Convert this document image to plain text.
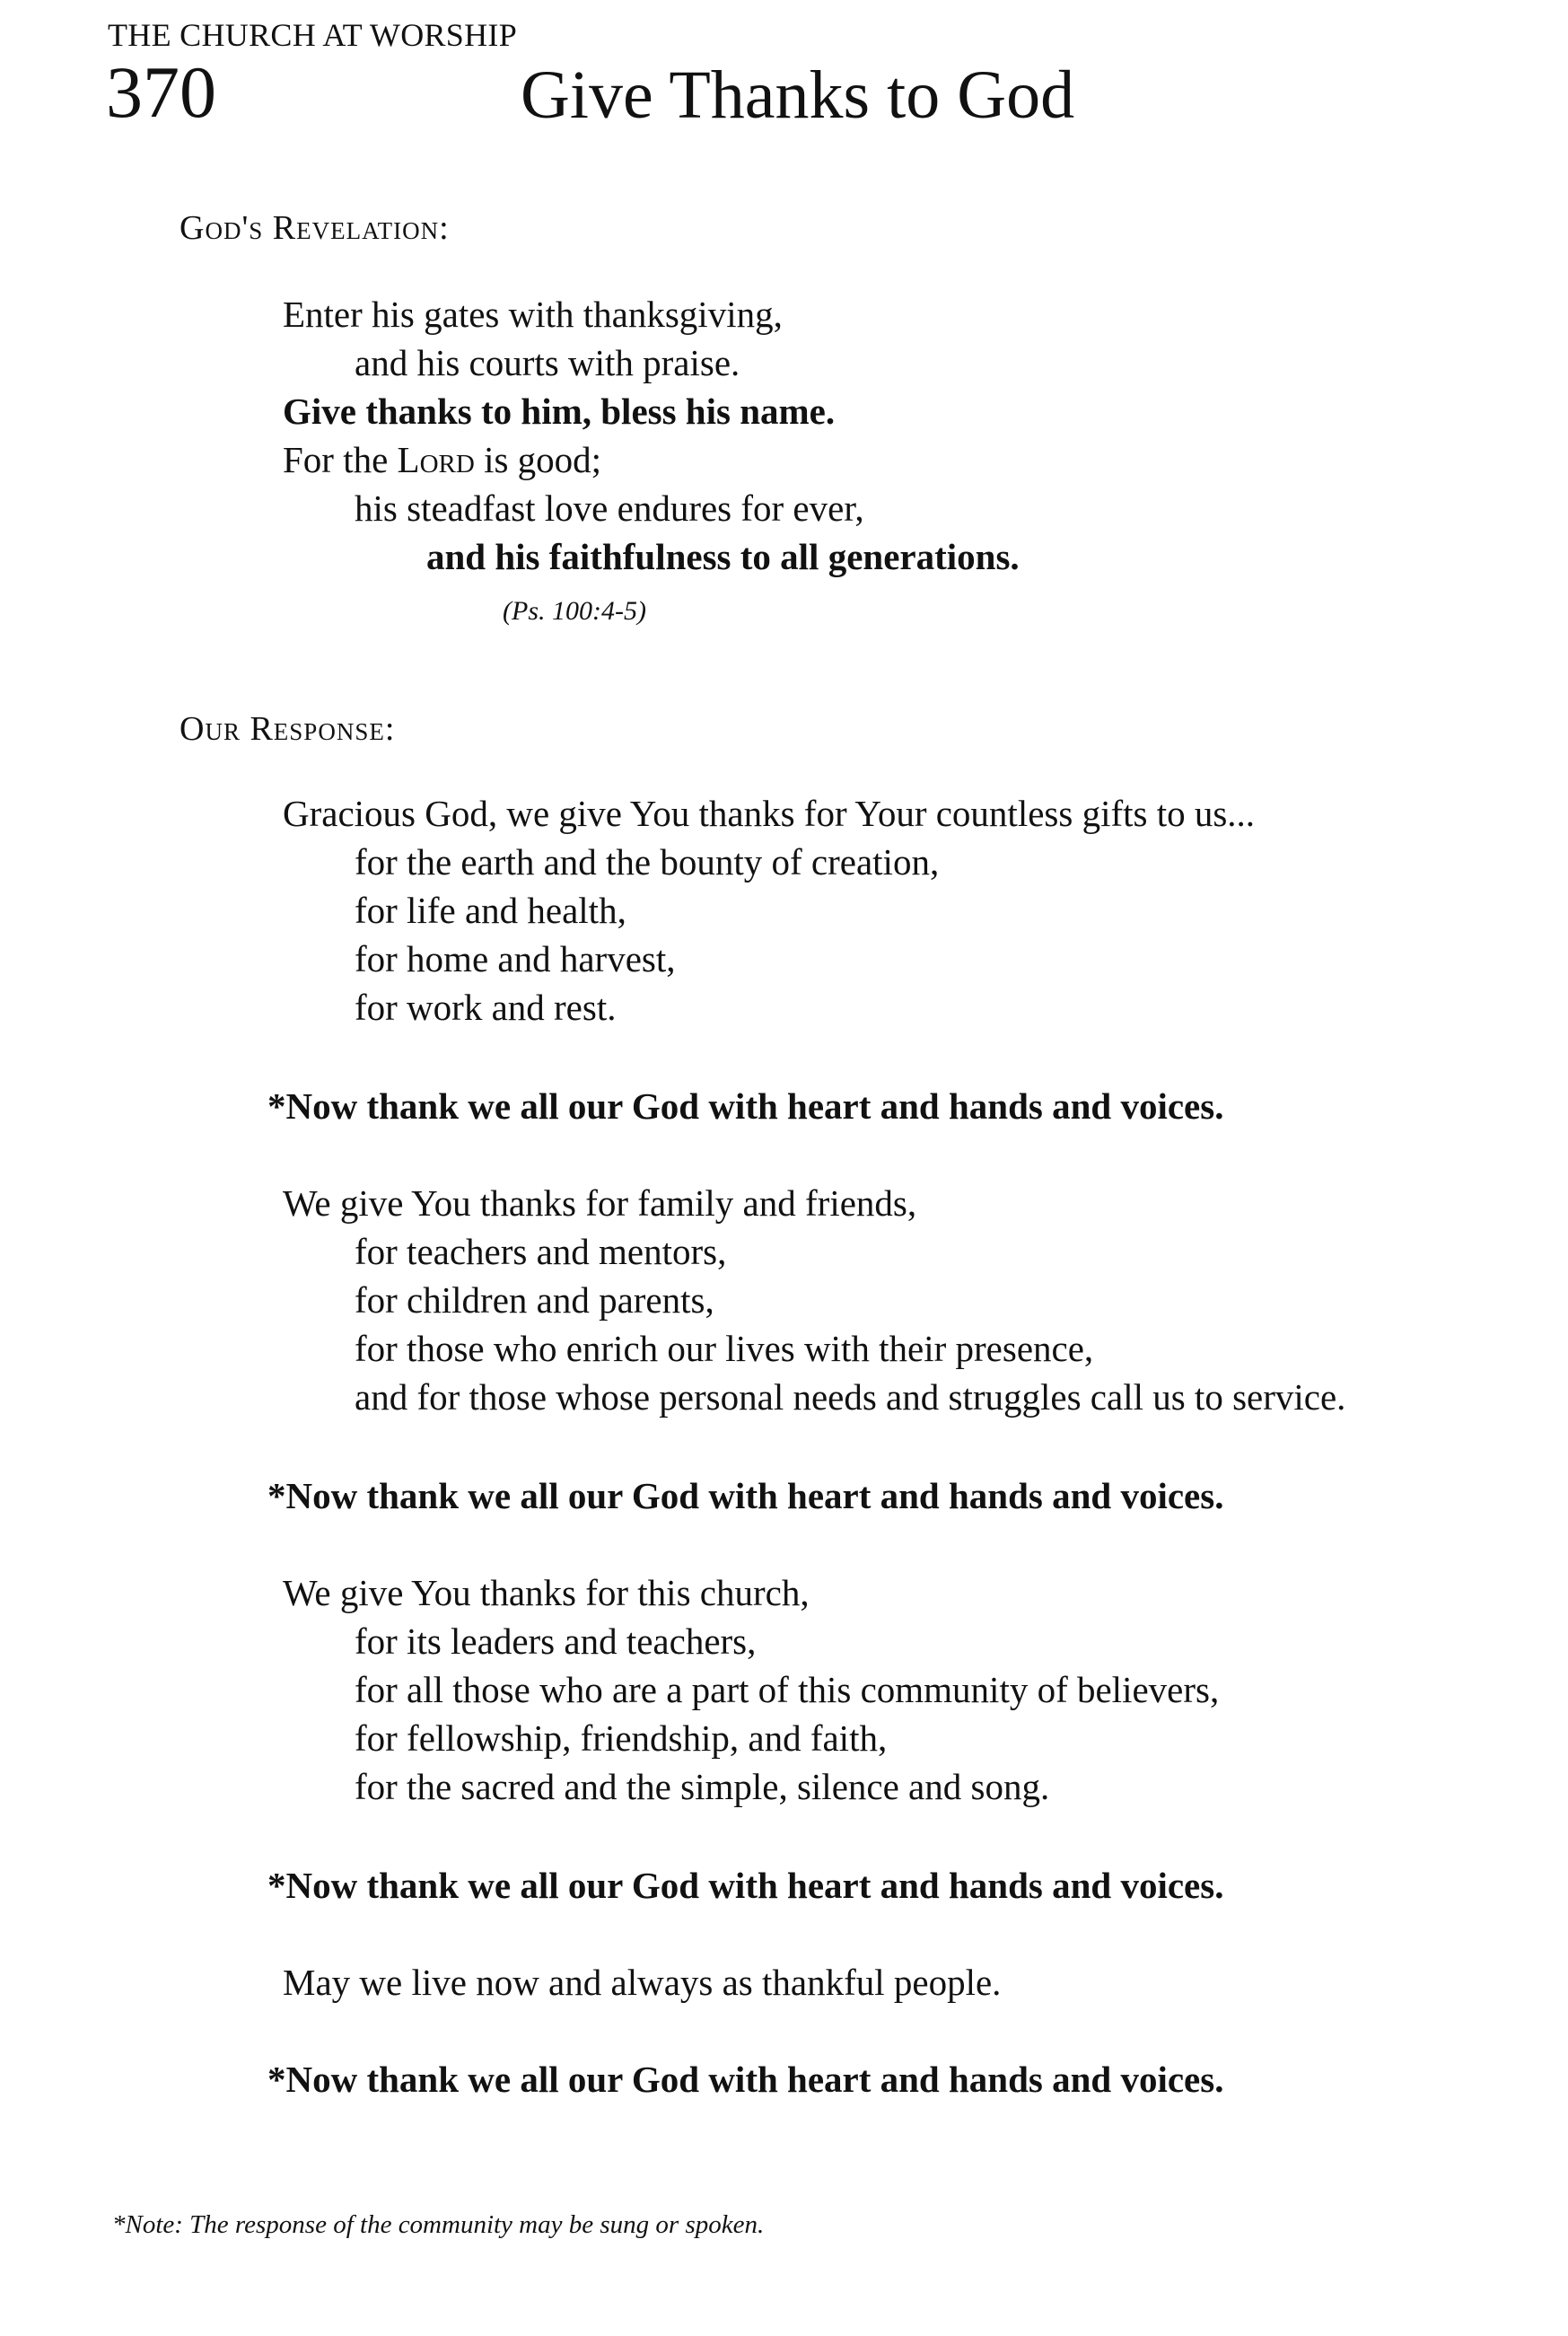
THE CHURCH AT WORSHIP
370	Give Thanks to God
God's Revelation:
Enter his gates with thanksgiving,
and his courts with praise.
Give thanks to him, bless his name.
For the Lord is good;
his steadfast love endures for ever,
and his faithfulness to all generations.
(Ps. 100:4-5)
Our Response:
Gracious God, we give You thanks for Your countless gifts to us...
for the earth and the bounty of creation,
for life and health,
for home and harvest,
for work and rest.
*Now thank we all our God with heart and hands and voices.
We give You thanks for family and friends,
for teachers and mentors,
for children and parents,
for those who enrich our lives with their presence,
and for those whose personal needs and struggles call us to service.
*Now thank we all our God with heart and hands and voices.
We give You thanks for this church,
for its leaders and teachers,
for all those who are a part of this community of believers,
for fellowship, friendship, and faith,
for the sacred and the simple, silence and song.
*Now thank we all our God with heart and hands and voices.
May we live now and always as thankful people.
*Now thank we all our God with heart and hands and voices.
*Note: The response of the community may be sung or spoken.
